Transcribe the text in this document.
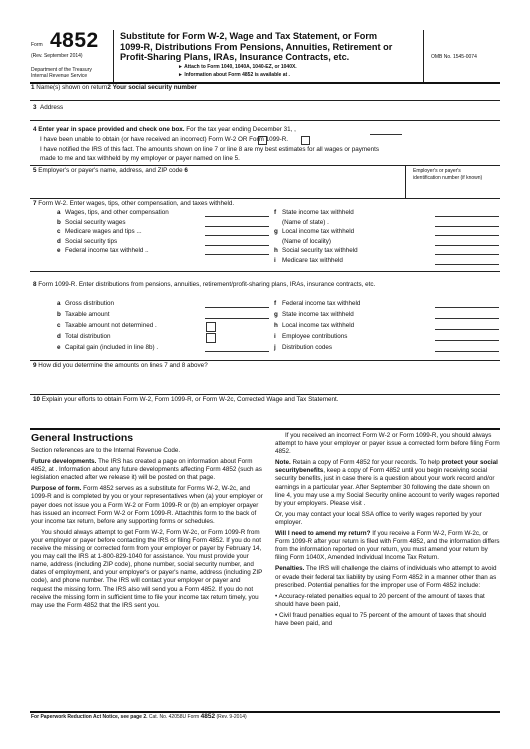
Form 4852
(Rev. September 2014)
Department of the Treasury
Internal Revenue Service
Substitute for Form W-2, Wage and Tax Statement, or Form
1099-R, Distributions From Pensions, Annuities, Retirement or
Profit-Sharing Plans, IRAs, Insurance Contracts, etc.
► Attach to Form 1040, 1040A, 1040-EZ, or 1040X.
► Information about Form 4852 is available at .
OMB No. 1545-0074
1 Name(s) shown on return2 Your social security number
3 Address
4 Enter year in space provided and check one box. For the tax year ending December 31, ,
I have been unable to obtain (or have received an incorrect) Form W-2 OR Form 1099-R.
I have notified the IRS of this fact. The amounts shown on line 7 or line 8 are my best estimates for all wages or payments
made to me and tax withheld by my employer or payer named on line 5.
5 Employer's or payer's name, address, and ZIP code 6	Employer's or payer's
identification number (if known)
7 Form W-2. Enter wages, tips, other compensation, and taxes withheld.
a Wages, tips, and other compensation
b Social security wages
c Medicare wages and tips ...
d Social security tips
e Federal income tax withheld ..
f State income tax withheld
(Name of state) .
g Local income tax withheld
(Name of locality)
h Social security tax withheld
i Medicare tax withheld
8 Form 1099-R. Enter distributions from pensions, annuities, retirement/profit-sharing plans, IRAs, insurance contracts, etc.
a Gross distribution
b Taxable amount
c Taxable amount not determined .
d Total distribution
e Capital gain (included in line 8b) .
f Federal income tax withheld
g State income tax withheld
h Local income tax withheld
i Employee contributions
j Distribution codes
9 How did you determine the amounts on lines 7 and 8 above?
10 Explain your efforts to obtain Form W-2, Form 1099-R, or Form W-2c, Corrected Wage and Tax Statement.
General Instructions

Section references are to the Internal Revenue Code.

Future developments. The IRS has created a page on information about Form 4852, at . Information about any future developments affecting Form 4852 (such as legislation enacted after we release it) will be posted on that page.

Purpose of form. Form 4852 serves as a substitute for Forms W-2, W-2c, and 1099-R and is completed by you or your representatives when (a) your employer or payer does not issue you a Form W-2 or Form 1099-R or (b) an employer orpayer has issued an incorrect Form W-2 or Form 1099-R. Attachthis form to the back of your income tax return, before any supporting forms or schedules.

You should always attempt to get Form W-2, Form W-2c, or Form 1099-R from your employer or payer before contacting the IRS or filing Form 4852. If you do not receive the missing or corrected form from your employer or payer by February 14, you may call the IRS at 1-800-829-1040 for assistance. You must provide your name, address (including ZIP code), phone number, social security number, and dates of employment, and your employer's or payer's name, address (including ZIP code), and phone number. The IRS will contact your employer or payer and request the missing form. The IRS also will send you a Form 4852. If you do not receive the missing form in sufficient time to file your income tax return timely, you may use the Form 4852 that the IRS sent you.

If you received an incorrect Form W-2 or Form 1099-R, you should always attempt to have your employer or payer issue a corrected form before filing Form 4852.

Note. Retain a copy of Form 4852 for your records. To help protect your social securitybenefits, keep a copy of Form 4852 until you begin receiving social security benefits, just in case there is a question about your work record and/or earnings in a particular year. After September 30 following the date shown on line 4, you may use a my Social Security online account to verify wages reported by your employers. Please visit .

Or, you may contact your local SSA office to verify wages reported by your employer.

Will I need to amend my return? If you receive a Form W-2, Form W-2c, or Form 1099-R after your return is filed with Form 4852, and the information differs from the information reported on your return, you must amend your return by filing Form 1040X, Amended Individual Income Tax Return.

Penalties. The IRS will challenge the claims of individuals who attempt to avoid or evade their federal tax liability by using Form 4852 in a manner other than as prescribed. Potential penalties for the improper use of Form 4852 include:

• Accuracy-related penalties equal to 20 percent of the amount of taxes that should have been paid,

• Civil fraud penalties equal to 75 percent of the amount of taxes that should have been paid, and

For Paperwork Reduction Act Notice, see page 2. Cat. No. 42058U Form 4852 (Rev. 9-2014)
